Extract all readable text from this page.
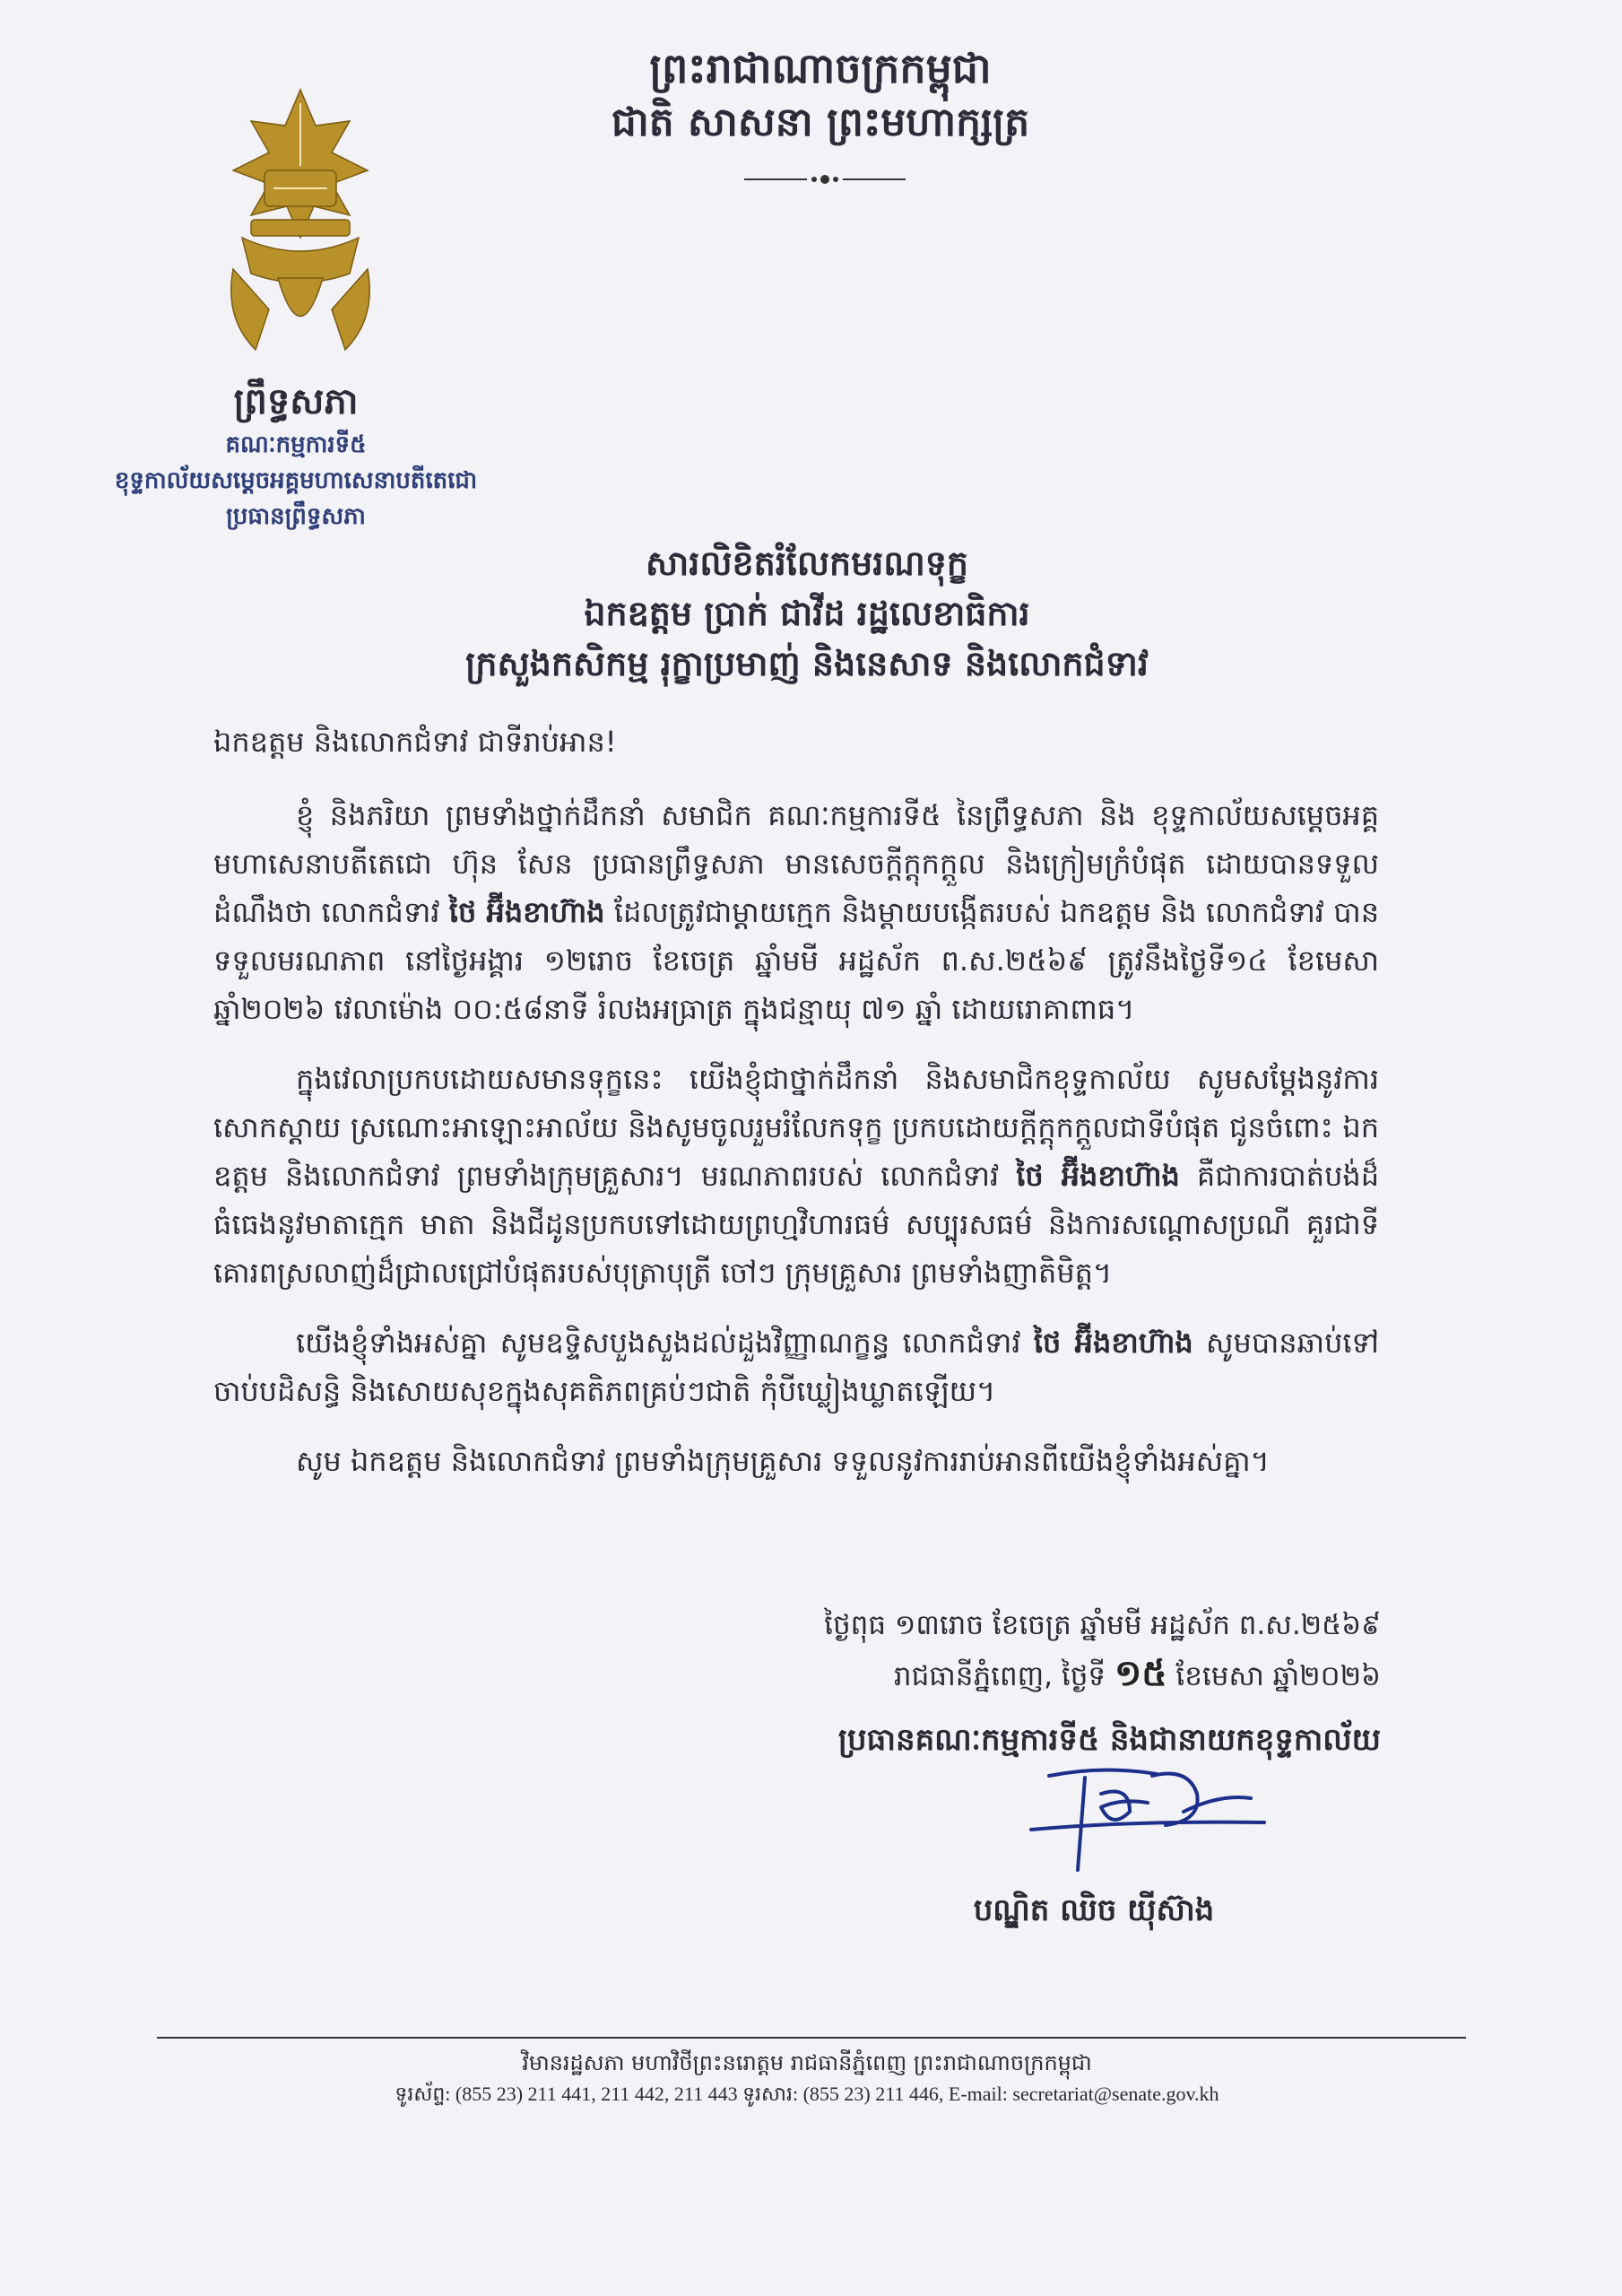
ព្រះរាជាណាចក្រកម្ពុជា
ជាតិ សាសនា ព្រះមហាក្សត្រ
ព្រឹទ្ធសភា
គណៈកម្មការទី៥
ខុទ្ទកាល័យសម្តេចអគ្គមហាសេនាបតីតេជោ
ប្រធានព្រឹទ្ធសភា
សារលិខិតរំលែកមរណទុក្ខ
ឯកឧត្តម ប្រាក់ ជាវីដ រដ្ឋលេខាធិការ
ក្រសួងកសិកម្ម រុក្ខាប្រមាញ់ និងនេសាទ និងលោកជំទាវ

ឯកឧត្តម និងលោកជំទាវ ជាទីរាប់អាន!

ខ្ញុំ និងភរិយា ព្រមទាំងថ្នាក់ដឹកនាំ សមាជិក គណៈកម្មការទី៥ នៃព្រឹទ្ធសភា និង ខុទ្ទកាល័យសម្តេចអគ្គមហាសេនាបតីតេជោ ហ៊ុន សែន ប្រធានព្រឹទ្ធសភា មានសេចក្តីក្តុកក្តួល និងក្រៀមក្រំបំផុត ដោយបានទទួលដំណឹងថា លោកជំទាវ ថៃ អ៊ីងខាហ៊ាង ដែលត្រូវជាម្តាយក្មេក និងម្តាយបង្កើតរបស់ ឯកឧត្តម និង លោកជំទាវ បានទទួលមរណភាព នៅថ្ងៃអង្គារ ១២រោច ខែចេត្រ ឆ្នាំមមី អដ្ឋស័ក ព.ស.២៥៦៩ ត្រូវនឹងថ្ងៃទី១៤ ខែមេសា ឆ្នាំ២០២៦ វេលាម៉ោង ០០:៥៨នាទី រំលងអធ្រាត្រ ក្នុងជន្មាយុ ៧១ ឆ្នាំ ដោយរោគាពាធ។

ក្នុងវេលាប្រកបដោយសមានទុក្ខនេះ យើងខ្ញុំជាថ្នាក់ដឹកនាំ និងសមាជិកខុទ្ទកាល័យ សូមសម្តែងនូវការសោកស្តាយ ស្រណោះអាឡោះអាល័យ និងសូមចូលរួមរំលែកទុក្ខ ប្រកបដោយក្តីក្តុកក្តួលជាទីបំផុត ជូនចំពោះ ឯកឧត្តម និងលោកជំទាវ ព្រមទាំងក្រុមគ្រួសារ។ មរណភាពរបស់ លោកជំទាវ ថៃ អ៊ីងខាហ៊ាង គឺជាការបាត់បង់ដ៏ធំធេងនូវមាតាក្មេក មាតា និងជីដូនប្រកបទៅដោយព្រហ្មវិហារធម៌ សប្បុរសធម៌ និងការសណ្តោសប្រណី គួរជាទីគោរពស្រលាញ់ដ៏ជ្រាលជ្រៅបំផុតរបស់បុត្រាបុត្រី ចៅៗ ក្រុមគ្រួសារ ព្រមទាំងញាតិមិត្ត។

យើងខ្ញុំទាំងអស់គ្នា សូមឧទ្ទិសបួងសួងដល់ដួងវិញ្ញាណក្ខន្ធ លោកជំទាវ ថៃ អ៊ីងខាហ៊ាង សូមបានឆាប់ទៅចាប់បដិសន្ធិ និងសោយសុខក្នុងសុគតិភពគ្រប់ៗជាតិ កុំបីឃ្លៀងឃ្លាតឡើយ។

សូម ឯកឧត្តម និងលោកជំទាវ ព្រមទាំងក្រុមគ្រួសារ ទទួលនូវការរាប់អានពីយើងខ្ញុំទាំងអស់គ្នា។

ថ្ងៃពុធ ១៣រោច ខែចេត្រ ឆ្នាំមមី អដ្ឋស័ក ព.ស.២៥៦៩
រាជធានីភ្នំពេញ, ថ្ងៃទី ១៥ ខែមេសា ឆ្នាំ២០២៦
ប្រធានគណៈកម្មការទី៥ និងជានាយកខុទ្ទកាល័យ
បណ្ឌិត ឈិច យ៉ីស៊ាង
វិមានរដ្ឋសភា មហាវិថីព្រះនរោត្តម រាជធានីភ្នំពេញ ព្រះរាជាណាចក្រកម្ពុជា
ទូរស័ព្ទ: (855 23) 211 441, 211 442, 211 443 ទូរសារ: (855 23) 211 446, E-mail: secretariat@senate.gov.kh
